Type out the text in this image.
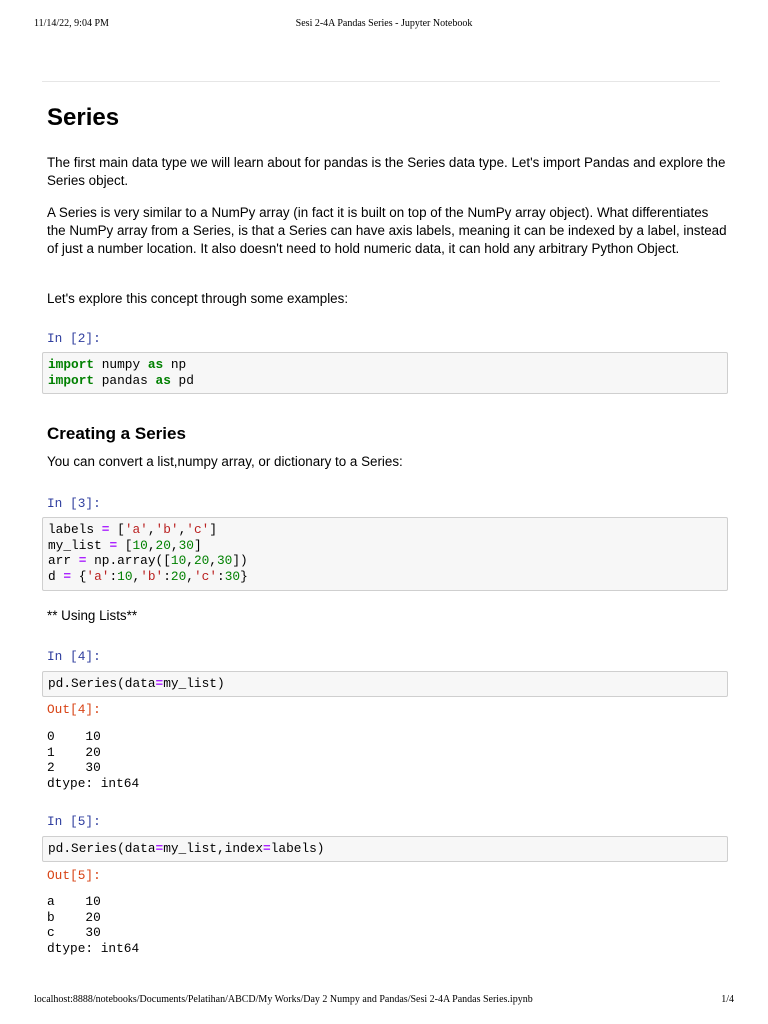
11/14/22, 9:04 PM	Sesi 2-4A Pandas Series - Jupyter Notebook
Series

The first main data type we will learn about for pandas is the Series data type. Let's import Pandas and explore the Series object.

A Series is very similar to a NumPy array (in fact it is built on top of the NumPy array object). What differentiates the NumPy array from a Series, is that a Series can have axis labels, meaning it can be indexed by a label, instead of just a number location. It also doesn't need to hold numeric data, it can hold any arbitrary Python Object.

Let's explore this concept through some examples:

In [2]:
import numpy as np
import pandas as pd
Creating a Series

You can convert a list,numpy array, or dictionary to a Series:

In [3]:
labels = ['a','b','c']
my_list = [10,20,30]
arr = np.array([10,20,30])
d = {'a':10,'b':20,'c':30}

** Using Lists**

In [4]:
pd.Series(data=my_list)
Out[4]:
0    10
1    20
2    30
dtype: int64
In [5]:
pd.Series(data=my_list,index=labels)
Out[5]:
a    10
b    20
c    30
dtype: int64
localhost:8888/notebooks/Documents/Pelatihan/ABCD/My Works/Day 2 Numpy and Pandas/Sesi 2-4A Pandas Series.ipynb	1/4
